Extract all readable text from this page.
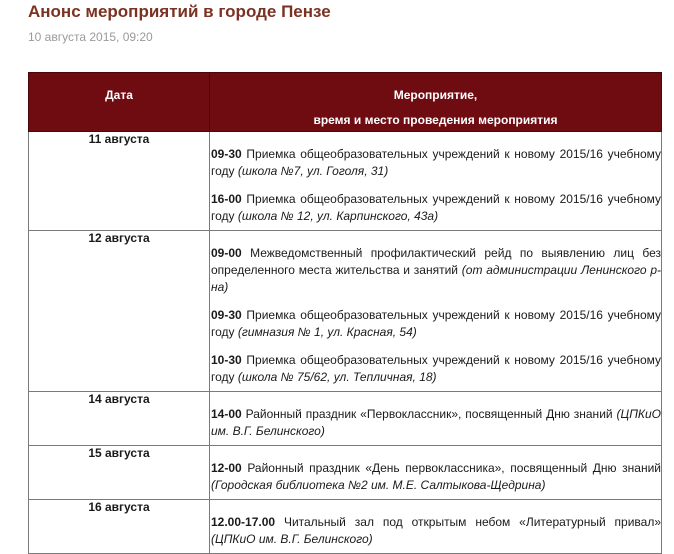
Анонс мероприятий в городе Пензе
10 августа 2015, 09:20
Дата	Мероприятие,
время и место проведения мероприятия

11 августа	09-30 Приемка общеобразовательных учреждений к новому 2015/16 учебному году (школа №7, ул. Гоголя, 31)
16-00 Приемка общеобразовательных учреждений к новому 2015/16 учебному году (школа № 12, ул. Карпинского, 43а)

12 августа	09-00 Межведомственный профилактический рейд по выявлению лиц без определенного места жительства и занятий (от администрации Ленинского р-на)
09-30 Приемка общеобразовательных учреждений к новому 2015/16 учебному году (гимназия № 1, ул. Красная, 54)
10-30 Приемка общеобразовательных учреждений к новому 2015/16 учебному году (школа № 75/62, ул. Тепличная, 18)

14 августа	14-00 Районный праздник «Первоклассник», посвященный Дню знаний (ЦПКиО им. В.Г. Белинского)

15 августа	12-00 Районный праздник «День первоклассника», посвященный Дню знаний (Городская библиотека №2 им. М.Е. Салтыкова-Щедрина)

16 августа	12.00-17.00 Читальный зал под открытым небом «Литературный привал» (ЦПКиО им. В.Г. Белинского)
